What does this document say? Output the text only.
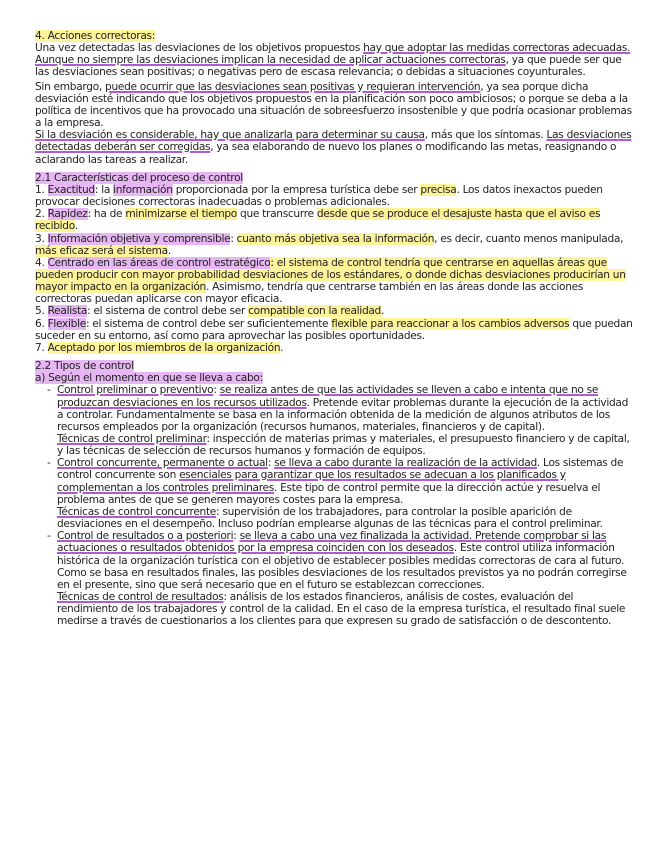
4. Acciones correctoras:

Una vez detectadas las desviaciones de los objetivos propuestos hay que adoptar las medidas correctoras adecuadas. Aunque no siempre las desviaciones implican la necesidad de aplicar actuaciones correctoras, ya que puede ser que las desviaciones sean positivas; o negativas pero de escasa relevancia; o debidas a situaciones coyunturales.

Sin embargo, puede ocurrir que las desviaciones sean positivas y requieran intervención, ya sea porque dicha desviación esté indicando que los objetivos propuestos en la planificación son poco ambiciosos; o porque se deba a la política de incentivos que ha provocado una situación de sobreesfuerzo insostenible y que podría ocasionar problemas a la empresa.

Si la desviación es considerable, hay que analizarla para determinar su causa, más que los síntomas. Las desviaciones detectadas deberán ser corregidas, ya sea elaborando de nuevo los planes o modificando las metas, reasignando o aclarando las tareas a realizar.

2.1 Características del proceso de control

1. Exactitud: la información proporcionada por la empresa turística debe ser precisa. Los datos inexactos pueden provocar decisiones correctoras inadecuadas o problemas adicionales.

2. Rapidez: ha de minimizarse el tiempo que transcurre desde que se produce el desajuste hasta que el aviso es recibido.

3. Información objetiva y comprensible: cuanto más objetiva sea la información, es decir, cuanto menos manipulada, más eficaz será el sistema.

4. Centrado en las áreas de control estratégico: el sistema de control tendría que centrarse en aquellas áreas que pueden producir con mayor probabilidad desviaciones de los estándares, o donde dichas desviaciones producirían un mayor impacto en la organización. Asimismo, tendría que centrarse también en las áreas donde las acciones correctoras puedan aplicarse con mayor eficacia.

5. Realista: el sistema de control debe ser compatible con la realidad.

6. Flexible: el sistema de control debe ser suficientemente flexible para reaccionar a los cambios adversos que puedan suceder en su entorno, así como para aprovechar las posibles oportunidades.

7. Aceptado por los miembros de la organización.

2.2 Tipos de control

a) Según el momento en que se lleva a cabo:

- Control preliminar o preventivo: se realiza antes de que las actividades se lleven a cabo e intenta que no se produzcan desviaciones en los recursos utilizados. Pretende evitar problemas durante la ejecución de la actividad a controlar. Fundamentalmente se basa en la información obtenida de la medición de algunos atributos de los recursos empleados por la organización (recursos humanos, materiales, financieros y de capital).
Técnicas de control preliminar: inspección de materias primas y materiales, el presupuesto financiero y de capital, y las técnicas de selección de recursos humanos y formación de equipos.
- Control concurrente, permanente o actual: se lleva a cabo durante la realización de la actividad. Los sistemas de control concurrente son esenciales para garantizar que los resultados se adecuan a los planificados y complementan a los controles preliminares. Este tipo de control permite que la dirección actúe y resuelva el problema antes de que se generen mayores costes para la empresa.
Técnicas de control concurrente: supervisión de los trabajadores, para controlar la posible aparición de desviaciones en el desempeño. Incluso podrían emplearse algunas de las técnicas para el control preliminar.
- Control de resultados o a posteriori: se lleva a cabo una vez finalizada la actividad. Pretende comprobar si las actuaciones o resultados obtenidos por la empresa coinciden con los deseados. Este control utiliza información histórica de la organización turística con el objetivo de establecer posibles medidas correctoras de cara al futuro. Como se basa en resultados finales, las posibles desviaciones de los resultados previstos ya no podrán corregirse en el presente, sino que será necesario que en el futuro se establezcan correcciones.
Técnicas de control de resultados: análisis de los estados financieros, análisis de costes, evaluación del rendimiento de los trabajadores y control de la calidad. En el caso de la empresa turística, el resultado final suele medirse a través de cuestionarios a los clientes para que expresen su grado de satisfacción o de descontento.
